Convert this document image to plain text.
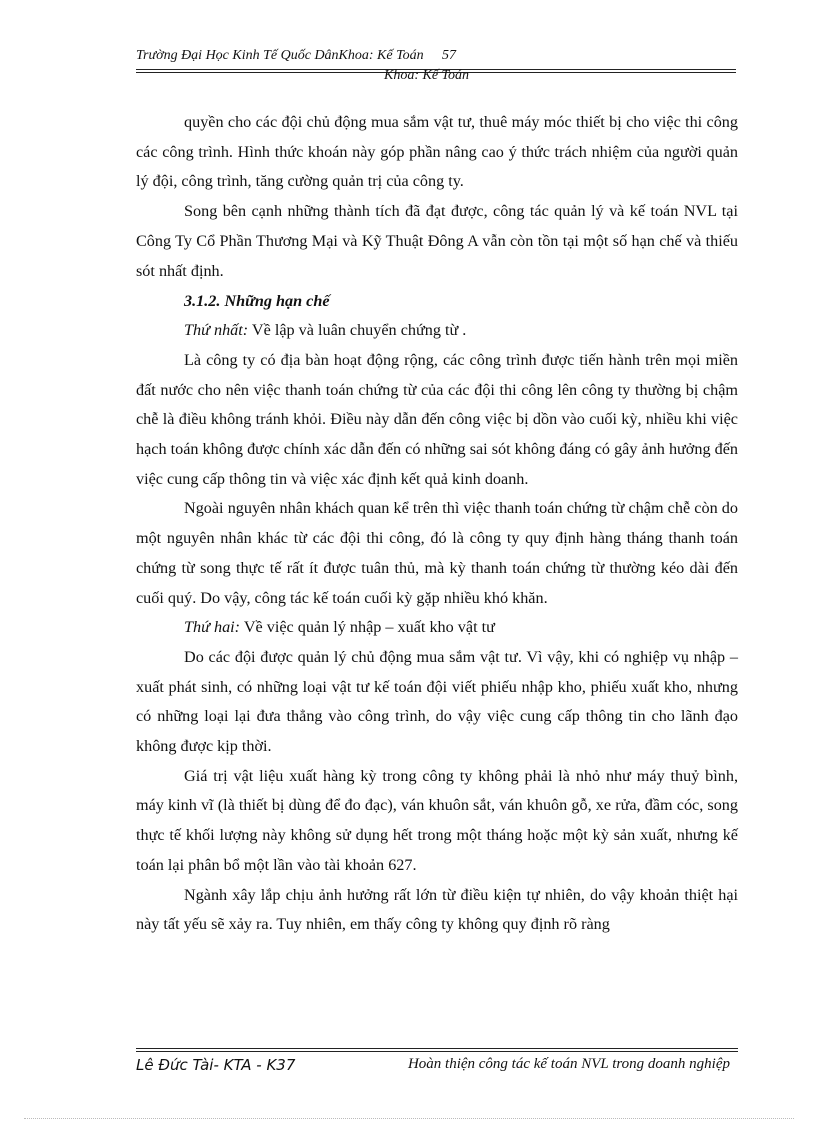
Trường Đại Học Kinh Tế Quốc DânKhoa: Kế Toán 57
Khoa: Kế Toán

quyền cho các đội chủ động mua sắm vật tư, thuê máy móc thiết bị cho việc thi công các công trình. Hình thức khoán này góp phần nâng cao ý thức trách nhiệm của người quản lý đội, công trình, tăng cường quản trị của công ty.

Song bên cạnh những thành tích đã đạt được, công tác quản lý và kế toán NVL tại Công Ty Cổ Phần Thương Mại và Kỹ Thuật Đông A vẫn còn tồn tại một số hạn chế và thiếu sót nhất định.

3.1.2. Những hạn chế

Thứ nhất: Về lập và luân chuyển chứng từ .

Là công ty có địa bàn hoạt động rộng, các công trình được tiến hành trên mọi miền đất nước cho nên việc thanh toán chứng từ của các đội thi công lên công ty thường bị chậm chễ là điều không tránh khỏi. Điều này dẫn đến công việc bị dồn vào cuối kỳ, nhiều khi việc hạch toán không được chính xác dẫn đến có những sai sót không đáng có gây ảnh hưởng đến việc cung cấp thông tin và việc xác định kết quả kinh doanh.

Ngoài nguyên nhân khách quan kể trên thì việc thanh toán chứng từ chậm chễ còn do một nguyên nhân khác từ các đội thi công, đó là công ty quy định hàng tháng thanh toán chứng từ song thực tế rất ít được tuân thủ, mà kỳ thanh toán chứng từ thường kéo dài đến cuối quý. Do vậy, công tác kế toán cuối kỳ gặp nhiều khó khăn.

Thứ hai: Về việc quản lý nhập – xuất kho vật tư

Do các đội được quản lý chủ động mua sắm vật tư. Vì vậy, khi có nghiệp vụ nhập – xuất phát sinh, có những loại vật tư kế toán đội viết phiếu nhập kho, phiếu xuất kho, nhưng có những loại lại đưa thẳng vào công trình, do vậy việc cung cấp thông tin cho lãnh đạo không được kịp thời.

Giá trị vật liệu xuất hàng kỳ trong công ty không phải là nhỏ như máy thuỷ bình, máy kinh vĩ (là thiết bị dùng để đo đạc), ván khuôn sắt, ván khuôn gỗ, xe rửa, đầm cóc, song thực tế khối lượng này không sử dụng hết trong một tháng hoặc một kỳ sản xuất, nhưng kế toán lại phân bổ một lần vào tài khoản 627.

Ngành xây lắp chịu ảnh hưởng rất lớn từ điều kiện tự nhiên, do vậy khoản thiệt hại này tất yếu sẽ xảy ra. Tuy nhiên, em thấy công ty không quy định rõ ràng

Lê Đức Tài- KTA - K37	Hoàn thiện công tác kế toán NVL trong doanh nghiệp
